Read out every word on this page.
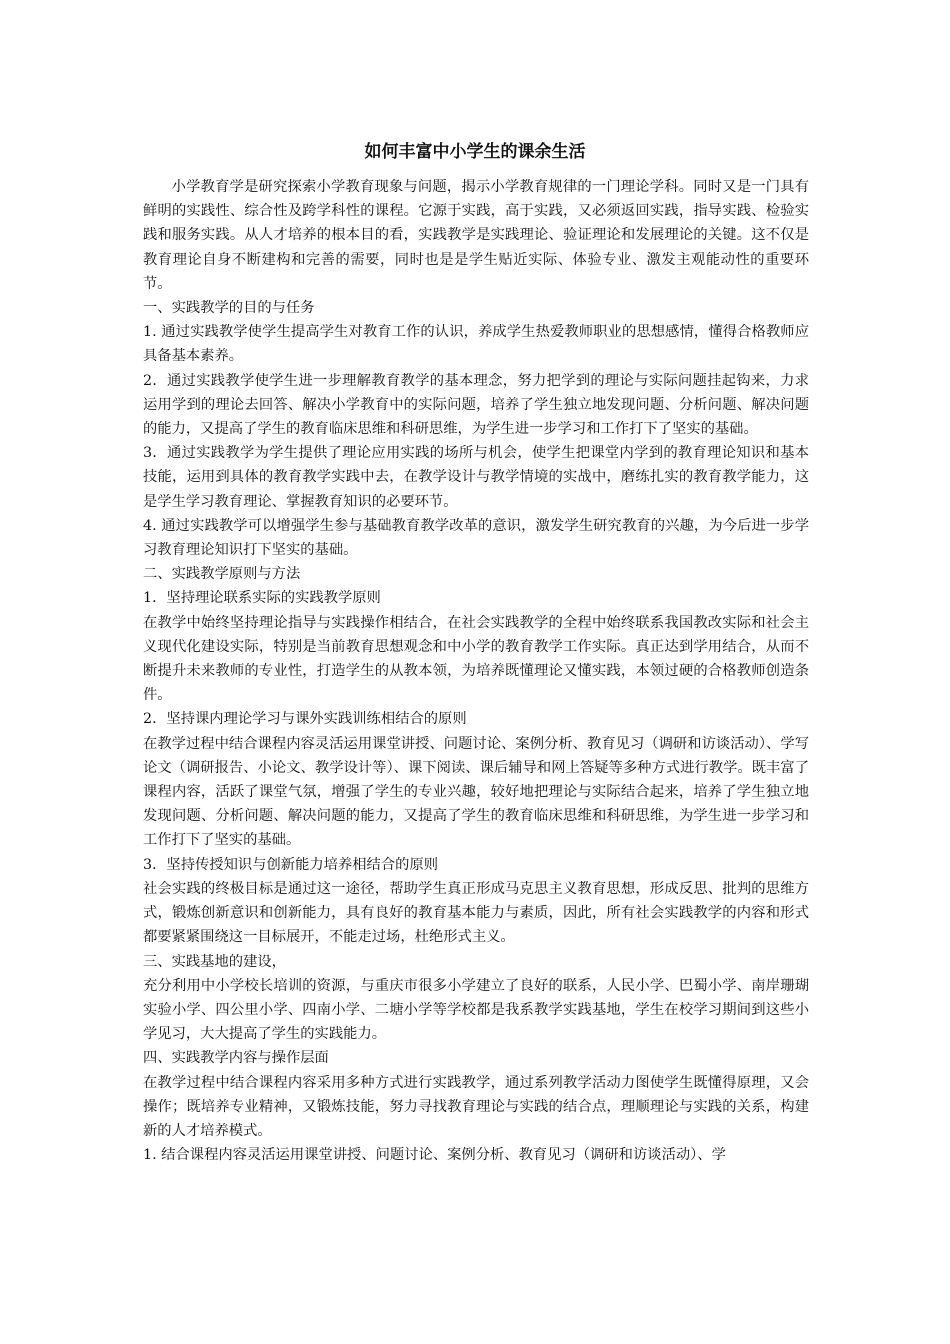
如何丰富中小学生的课余生活

小学教育学是研究探索小学教育现象与问题，揭示小学教育规律的一门理论学科。同时又是一门具有鲜明的实践性、综合性及跨学科性的课程。它源于实践，高于实践，又必须返回实践，指导实践、检验实践和服务实践。从人才培养的根本目的看，实践教学是实践理论、验证理论和发展理论的关键。这不仅是教育理论自身不断建构和完善的需要，同时也是是学生贴近实际、体验专业、激发主观能动性的重要环节。

一、实践教学的目的与任务

1. 通过实践教学使学生提高学生对教育工作的认识，养成学生热爱教师职业的思想感情，懂得合格教师应具备基本素养。

2．通过实践教学使学生进一步理解教育教学的基本理念，努力把学到的理论与实际问题挂起钩来，力求运用学到的理论去回答、解决小学教育中的实际问题，培养了学生独立地发现问题、分析问题、解决问题的能力，又提高了学生的教育临床思维和科研思维，为学生进一步学习和工作打下了坚实的基础。

3．通过实践教学为学生提供了理论应用实践的场所与机会，使学生把课堂内学到的教育理论知识和基本技能，运用到具体的教育教学实践中去，在教学设计与教学情境的实战中，磨练扎实的教育教学能力，这是学生学习教育理论、掌握教育知识的必要环节。

4. 通过实践教学可以增强学生参与基础教育教学改革的意识，激发学生研究教育的兴趣，为今后进一步学习教育理论知识打下坚实的基础。

二、实践教学原则与方法

1．坚持理论联系实际的实践教学原则

在教学中始终坚持理论指导与实践操作相结合，在社会实践教学的全程中始终联系我国教改实际和社会主义现代化建设实际，特别是当前教育思想观念和中小学的教育教学工作实际。真正达到学用结合，从而不断提升未来教师的专业性，打造学生的从教本领，为培养既懂理论又懂实践，本领过硬的合格教师创造条件。

2．坚持课内理论学习与课外实践训练相结合的原则

在教学过程中结合课程内容灵活运用课堂讲授、问题讨论、案例分析、教育见习（调研和访谈活动）、学写论文（调研报告、小论文、教学设计等）、课下阅读、课后辅导和网上答疑等多种方式进行教学。既丰富了课程内容，活跃了课堂气氛，增强了学生的专业兴趣，较好地把理论与实际结合起来，培养了学生独立地发现问题、分析问题、解决问题的能力，又提高了学生的教育临床思维和科研思维，为学生进一步学习和工作打下了坚实的基础。

3．坚持传授知识与创新能力培养相结合的原则

社会实践的终极目标是通过这一途径，帮助学生真正形成马克思主义教育思想，形成反思、批判的思维方式，锻炼创新意识和创新能力，具有良好的教育基本能力与素质，因此，所有社会实践教学的内容和形式都要紧紧围绕这一目标展开，不能走过场，杜绝形式主义。

三、实践基地的建设，

充分利用中小学校长培训的资源，与重庆市很多小学建立了良好的联系，人民小学、巴蜀小学、南岸珊瑚实验小学、四公里小学、四南小学、二塘小学等学校都是我系教学实践基地，学生在校学习期间到这些小学见习，大大提高了学生的实践能力。

四、实践教学内容与操作层面

在教学过程中结合课程内容采用多种方式进行实践教学，通过系列教学活动力图使学生既懂得原理，又会操作；既培养专业精神，又锻炼技能，努力寻找教育理论与实践的结合点，理顺理论与实践的关系，构建新的人才培养模式。

1. 结合课程内容灵活运用课堂讲授、问题讨论、案例分析、教育见习（调研和访谈活动）、学
